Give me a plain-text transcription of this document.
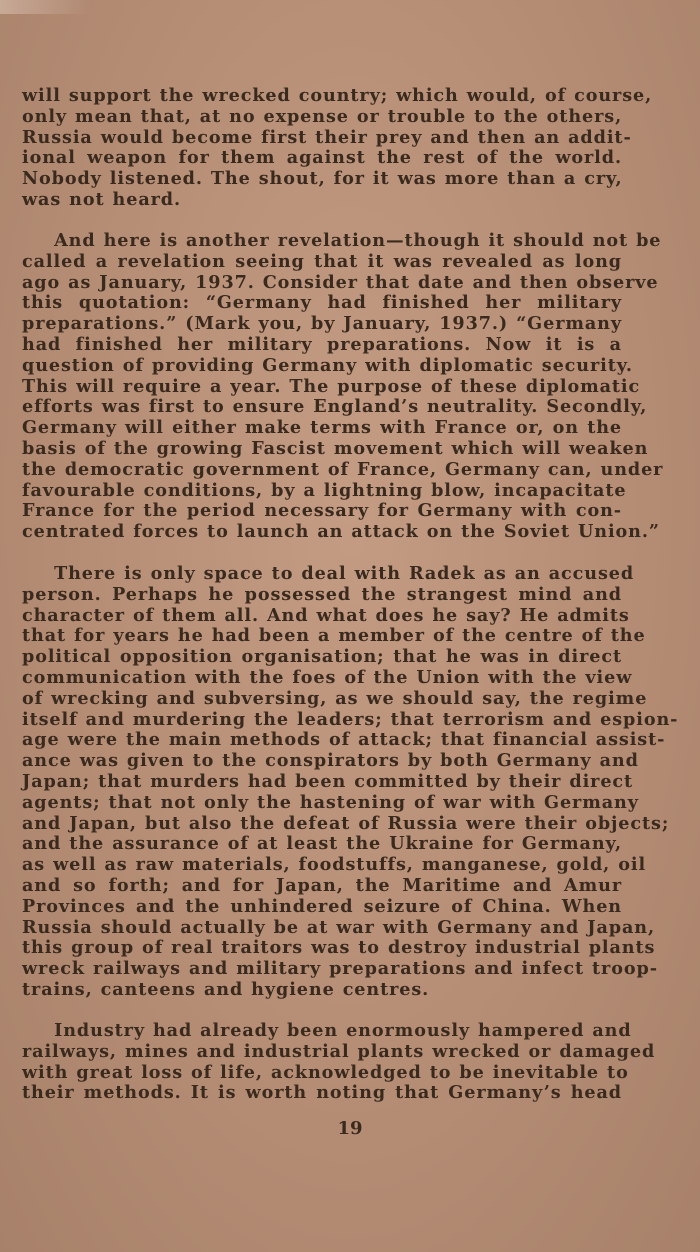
will support the wrecked country; which would, of course,
only mean that, at no expense or trouble to the others,
Russia would become first their prey and then an addit-
ional weapon for them against the rest of the world.
Nobody listened. The shout, for it was more than a cry,
was not heard.
And here is another revelation—though it should not be
called a revelation seeing that it was revealed as long
ago as January, 1937. Consider that date and then observe
this quotation: “Germany had finished her military
preparations.” (Mark you, by January, 1937.) “Germany
had finished her military preparations. Now it is a
question of providing Germany with diplomatic security.
This will require a year. The purpose of these diplomatic
efforts was first to ensure England’s neutrality. Secondly,
Germany will either make terms with France or, on the
basis of the growing Fascist movement which will weaken
the democratic government of France, Germany can, under
favourable conditions, by a lightning blow, incapacitate
France for the period necessary for Germany with con-
centrated forces to launch an attack on the Soviet Union.”
There is only space to deal with Radek as an accused
person. Perhaps he possessed the strangest mind and
character of them all. And what does he say? He admits
that for years he had been a member of the centre of the
political opposition organisation; that he was in direct
communication with the foes of the Union with the view
of wrecking and subversing, as we should say, the regime
itself and murdering the leaders; that terrorism and espion-
age were the main methods of attack; that financial assist-
ance was given to the conspirators by both Germany and
Japan; that murders had been committed by their direct
agents; that not only the hastening of war with Germany
and Japan, but also the defeat of Russia were their objects;
and the assurance of at least the Ukraine for Germany,
as well as raw materials, foodstuffs, manganese, gold, oil
and so forth; and for Japan, the Maritime and Amur
Provinces and the unhindered seizure of China. When
Russia should actually be at war with Germany and Japan,
this group of real traitors was to destroy industrial plants
wreck railways and military preparations and infect troop-
trains, canteens and hygiene centres.
Industry had already been enormously hampered and
railways, mines and industrial plants wrecked or damaged
with great loss of life, acknowledged to be inevitable to
their methods. It is worth noting that Germany’s head
19
